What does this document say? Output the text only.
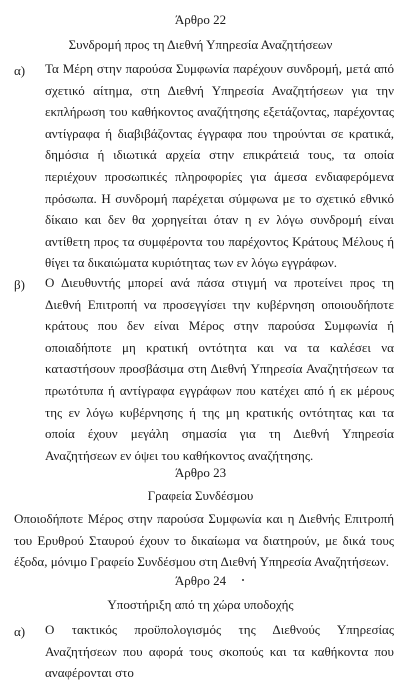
Άρθρο 22
Συνδρομή προς τη Διεθνή Υπηρεσία Αναζητήσεων
α) Τα Μέρη στην παρούσα Συμφωνία παρέχουν συνδρομή, μετά από σχετικό αίτημα, στη Διεθνή Υπηρεσία Αναζητήσεων για την εκπλήρωση του καθήκοντος αναζήτησης εξετάζοντας, παρέχοντας αντίγραφα ή διαβιβάζοντας έγγραφα που τηρούνται σε κρατικά, δημόσια ή ιδιωτικά αρχεία στην επικράτειά τους, τα οποία περιέχουν προσωπικές πληροφορίες για άμεσα ενδιαφερόμενα πρόσωπα. Η συνδρομή παρέχεται σύμφωνα με το σχετικό εθνικό δίκαιο και δεν θα χορηγείται όταν η εν λόγω συνδρομή είναι αντίθετη προς τα συμφέροντα του παρέχοντος Κράτους Μέλους ή θίγει τα δικαιώματα κυριότητας των εν λόγω εγγράφων.
β) Ο Διευθυντής μπορεί ανά πάσα στιγμή να προτείνει προς τη Διεθνή Επιτροπή να προσεγγίσει την κυβέρνηση οποιουδήποτε κράτους που δεν είναι Μέρος στην παρούσα Συμφωνία ή οποιαδήποτε μη κρατική οντότητα και να τα καλέσει να καταστήσουν προσβάσιμα στη Διεθνή Υπηρεσία Αναζητήσεων τα πρωτότυπα ή αντίγραφα εγγράφων που κατέχει από ή εκ μέρους της εν λόγω κυβέρνησης ή της μη κρατικής οντότητας και τα οποία έχουν μεγάλη σημασία για τη Διεθνή Υπηρεσία Αναζητήσεων εν όψει του καθήκοντος αναζήτησης.
Άρθρο 23
Γραφεία Συνδέσμου
Οποιοδήποτε Μέρος στην παρούσα Συμφωνία και η Διεθνής Επιτροπή του Ερυθρού Σταυρού έχουν το δικαίωμα να διατηρούν, με δικά τους έξοδα, μόνιμο Γραφείο Συνδέσμου στη Διεθνή Υπηρεσία Αναζητήσεων.
Άρθρο 24
Υποστήριξη από τη χώρα υποδοχής
α) Ο τακτικός προϋπολογισμός της Διεθνούς Υπηρεσίας Αναζητήσεων που αφορά τους σκοπούς και τα καθήκοντα που αναφέρονται στο
